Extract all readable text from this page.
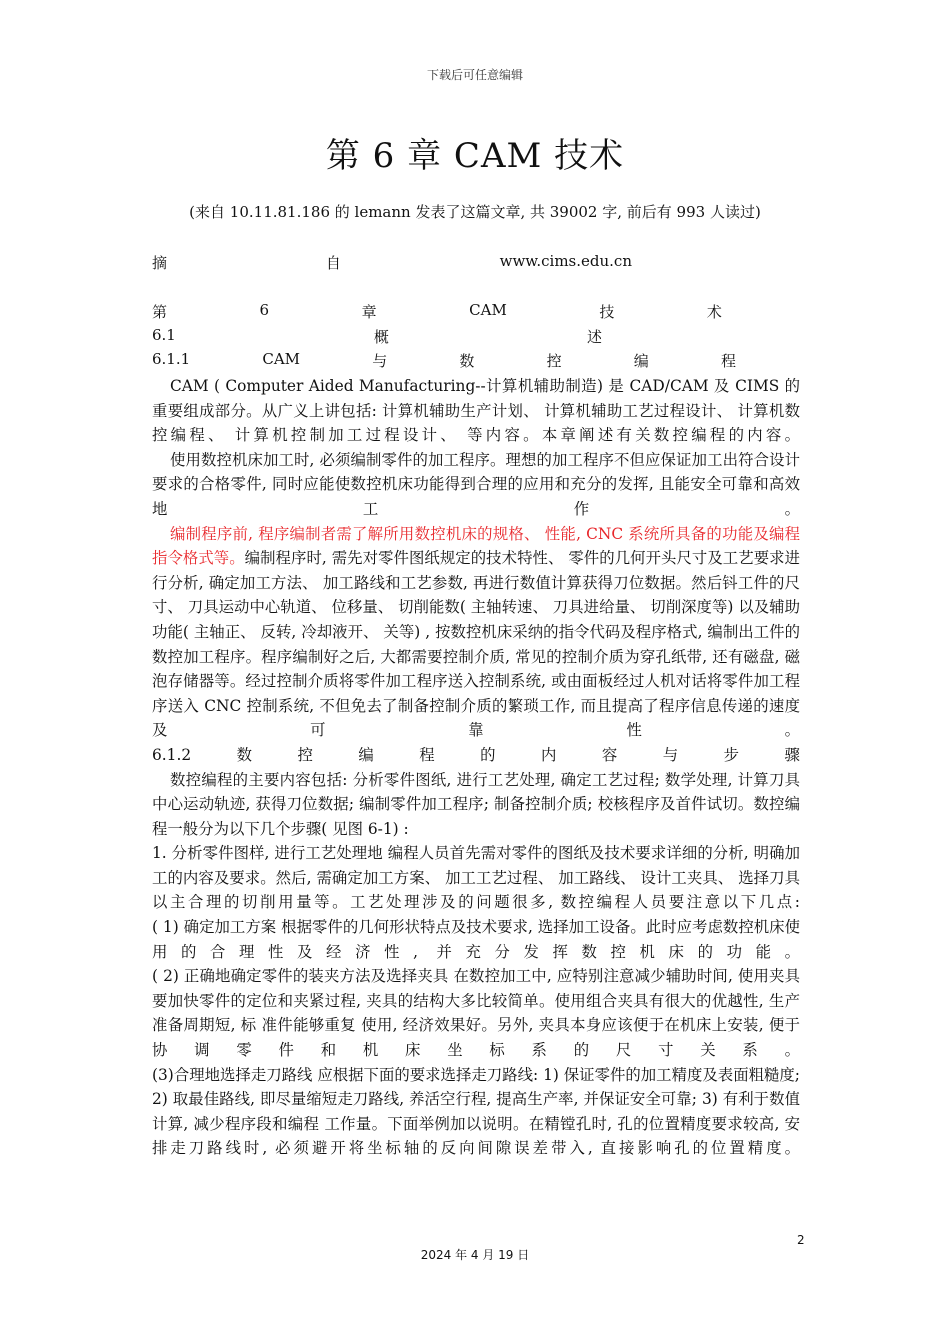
下载后可任意编辑
第 6 章 CAM 技术
(来自 10.11.81.186 的 lemann 发表了这篇文章, 共 39002 字, 前后有 993 人读过)
摘	自	www.cims.edu.cn
第	6	章	CAM	技	术
6.1	概	述
6.1.1	CAM	与	数	控	编	程

CAM ( Computer Aided Manufacturing--计算机辅助制造) 是 CAD/CAM 及 CIMS 的重要组成部分。从广义上讲包括: 计算机辅助生产计划、 计算机辅助工艺过程设计、 计算机数控编程、 计算机控制加工过程设计、 等内容。本章阐述有关数控编程的内容。

使用数控机床加工时, 必须编制零件的加工程序。理想的加工程序不但应保证加工出符合设计要求的合格零件, 同时应能使数控机床功能得到合理的应用和充分的发挥, 且能安全可靠和高效地工作。

编制程序前, 程序编制者需了解所用数控机床的规格、 性能, CNC 系统所具备的功能及编程指令格式等。编制程序时, 需先对零件图纸规定的技术特性、 零件的几何开头尺寸及工艺要求进行分析, 确定加工方法、 加工路线和工艺参数, 再进行数值计算获得刀位数据。然后钭工件的尺寸、 刀具运动中心轨道、 位移量、 切削能数( 主轴转速、 刀具进给量、 切削深度等) 以及辅助功能( 主轴正、 反转, 冷却液开、 关等) , 按数控机床采纳的指令代码及程序格式, 编制出工件的数控加工程序。程序编制好之后, 大都需要控制介质, 常见的控制介质为穿孔纸带, 还有磁盘, 磁泡存储器等。经过控制介质将零件加工程序送入控制系统, 或由面板经过人机对话将零件加工程序送入 CNC 控制系统, 不但免去了制备控制介质的繁琐工作, 而且提高了程序信息传递的速度及可靠性。

6.1.2	数	控	编	程	的	内	容	与	步	骤

数控编程的主要内容包括: 分析零件图纸, 进行工艺处理, 确定工艺过程; 数学处理, 计算刀具中心运动轨迹, 获得刀位数据; 编制零件加工程序; 制备控制介质; 校核程序及首件试切。数控编程一般分为以下几个步骤( 见图 6-1) :

1. 分析零件图样, 进行工艺处理地 编程人员首先需对零件的图纸及技术要求详细的分析, 明确加工的内容及要求。然后, 需确定加工方案、 加工工艺过程、 加工路线、 设计工夹具、 选择刀具以主合理的切削用量等。工艺处理涉及的问题很多, 数控编程人员要注意以下几点:

( 1) 确定加工方案 根据零件的几何形状特点及技术要求, 选择加工设备。此时应考虑数控机床使用的合理性及经济性, 并充分发挥数控机床的功能。

( 2) 正确地确定零件的装夹方法及选择夹具 在数控加工中, 应特别注意减少辅助时间, 使用夹具要加快零件的定位和夹紧过程, 夹具的结构大多比较简单。使用组合夹具有很大的优越性, 生产准备周期短, 标 准件能够重复 使用, 经济效果好。另外, 夹具本身应该便于在机床上安装, 便于协调零件和机床坐标系的尺寸关系。

(3)合理地选择走刀路线 应根据下面的要求选择走刀路线: 1) 保证零件的加工精度及表面粗糙度; 2) 取最佳路线, 即尽量缩短走刀路线, 养活空行程, 提高生产率, 并保证安全可靠; 3) 有利于数值计算, 减少程序段和编程 工作量。下面举例加以说明。在精镗孔时, 孔的位置精度要求较高, 安排走刀路线时, 必须避开将坐标轴的反向间隙误差带入, 直接影响孔的位置精度。

2
2024 年 4 月 19 日
